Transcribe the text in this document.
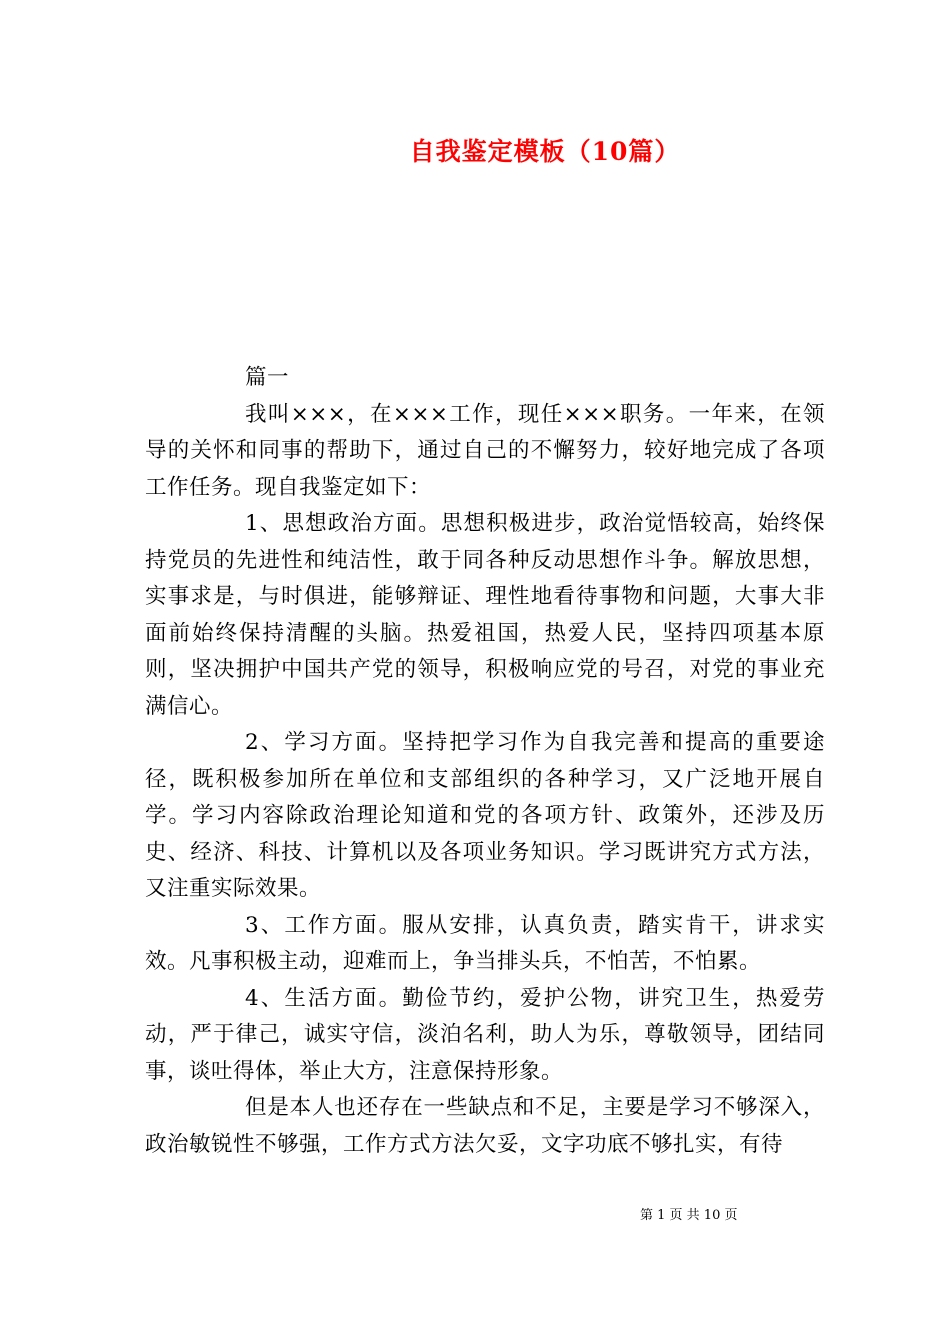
自我鉴定模板（10篇）

篇一

我叫×××，在×××工作，现任×××职务。一年来，在领导的关怀和同事的帮助下，通过自己的不懈努力，较好地完成了各项工作任务。现自我鉴定如下：

1、思想政治方面。思想积极进步，政治觉悟较高，始终保持党员的先进性和纯洁性，敢于同各种反动思想作斗争。解放思想，实事求是，与时俱进，能够辩证、理性地看待事物和问题，大事大非面前始终保持清醒的头脑。热爱祖国，热爱人民，坚持四项基本原则，坚决拥护中国共产党的领导，积极响应党的号召，对党的事业充满信心。

2、学习方面。坚持把学习作为自我完善和提高的重要途径，既积极参加所在单位和支部组织的各种学习，又广泛地开展自学。学习内容除政治理论知道和党的各项方针、政策外，还涉及历史、经济、科技、计算机以及各项业务知识。学习既讲究方式方法，又注重实际效果。

3、工作方面。服从安排，认真负责，踏实肯干，讲求实效。凡事积极主动，迎难而上，争当排头兵，不怕苦，不怕累。

4、生活方面。勤俭节约，爱护公物，讲究卫生，热爱劳动，严于律己，诚实守信，淡泊名利，助人为乐，尊敬领导，团结同事，谈吐得体，举止大方，注意保持形象。

但是本人也还存在一些缺点和不足，主要是学习不够深入，政治敏锐性不够强，工作方式方法欠妥，文字功底不够扎实，有待

第 1 页 共 10 页
